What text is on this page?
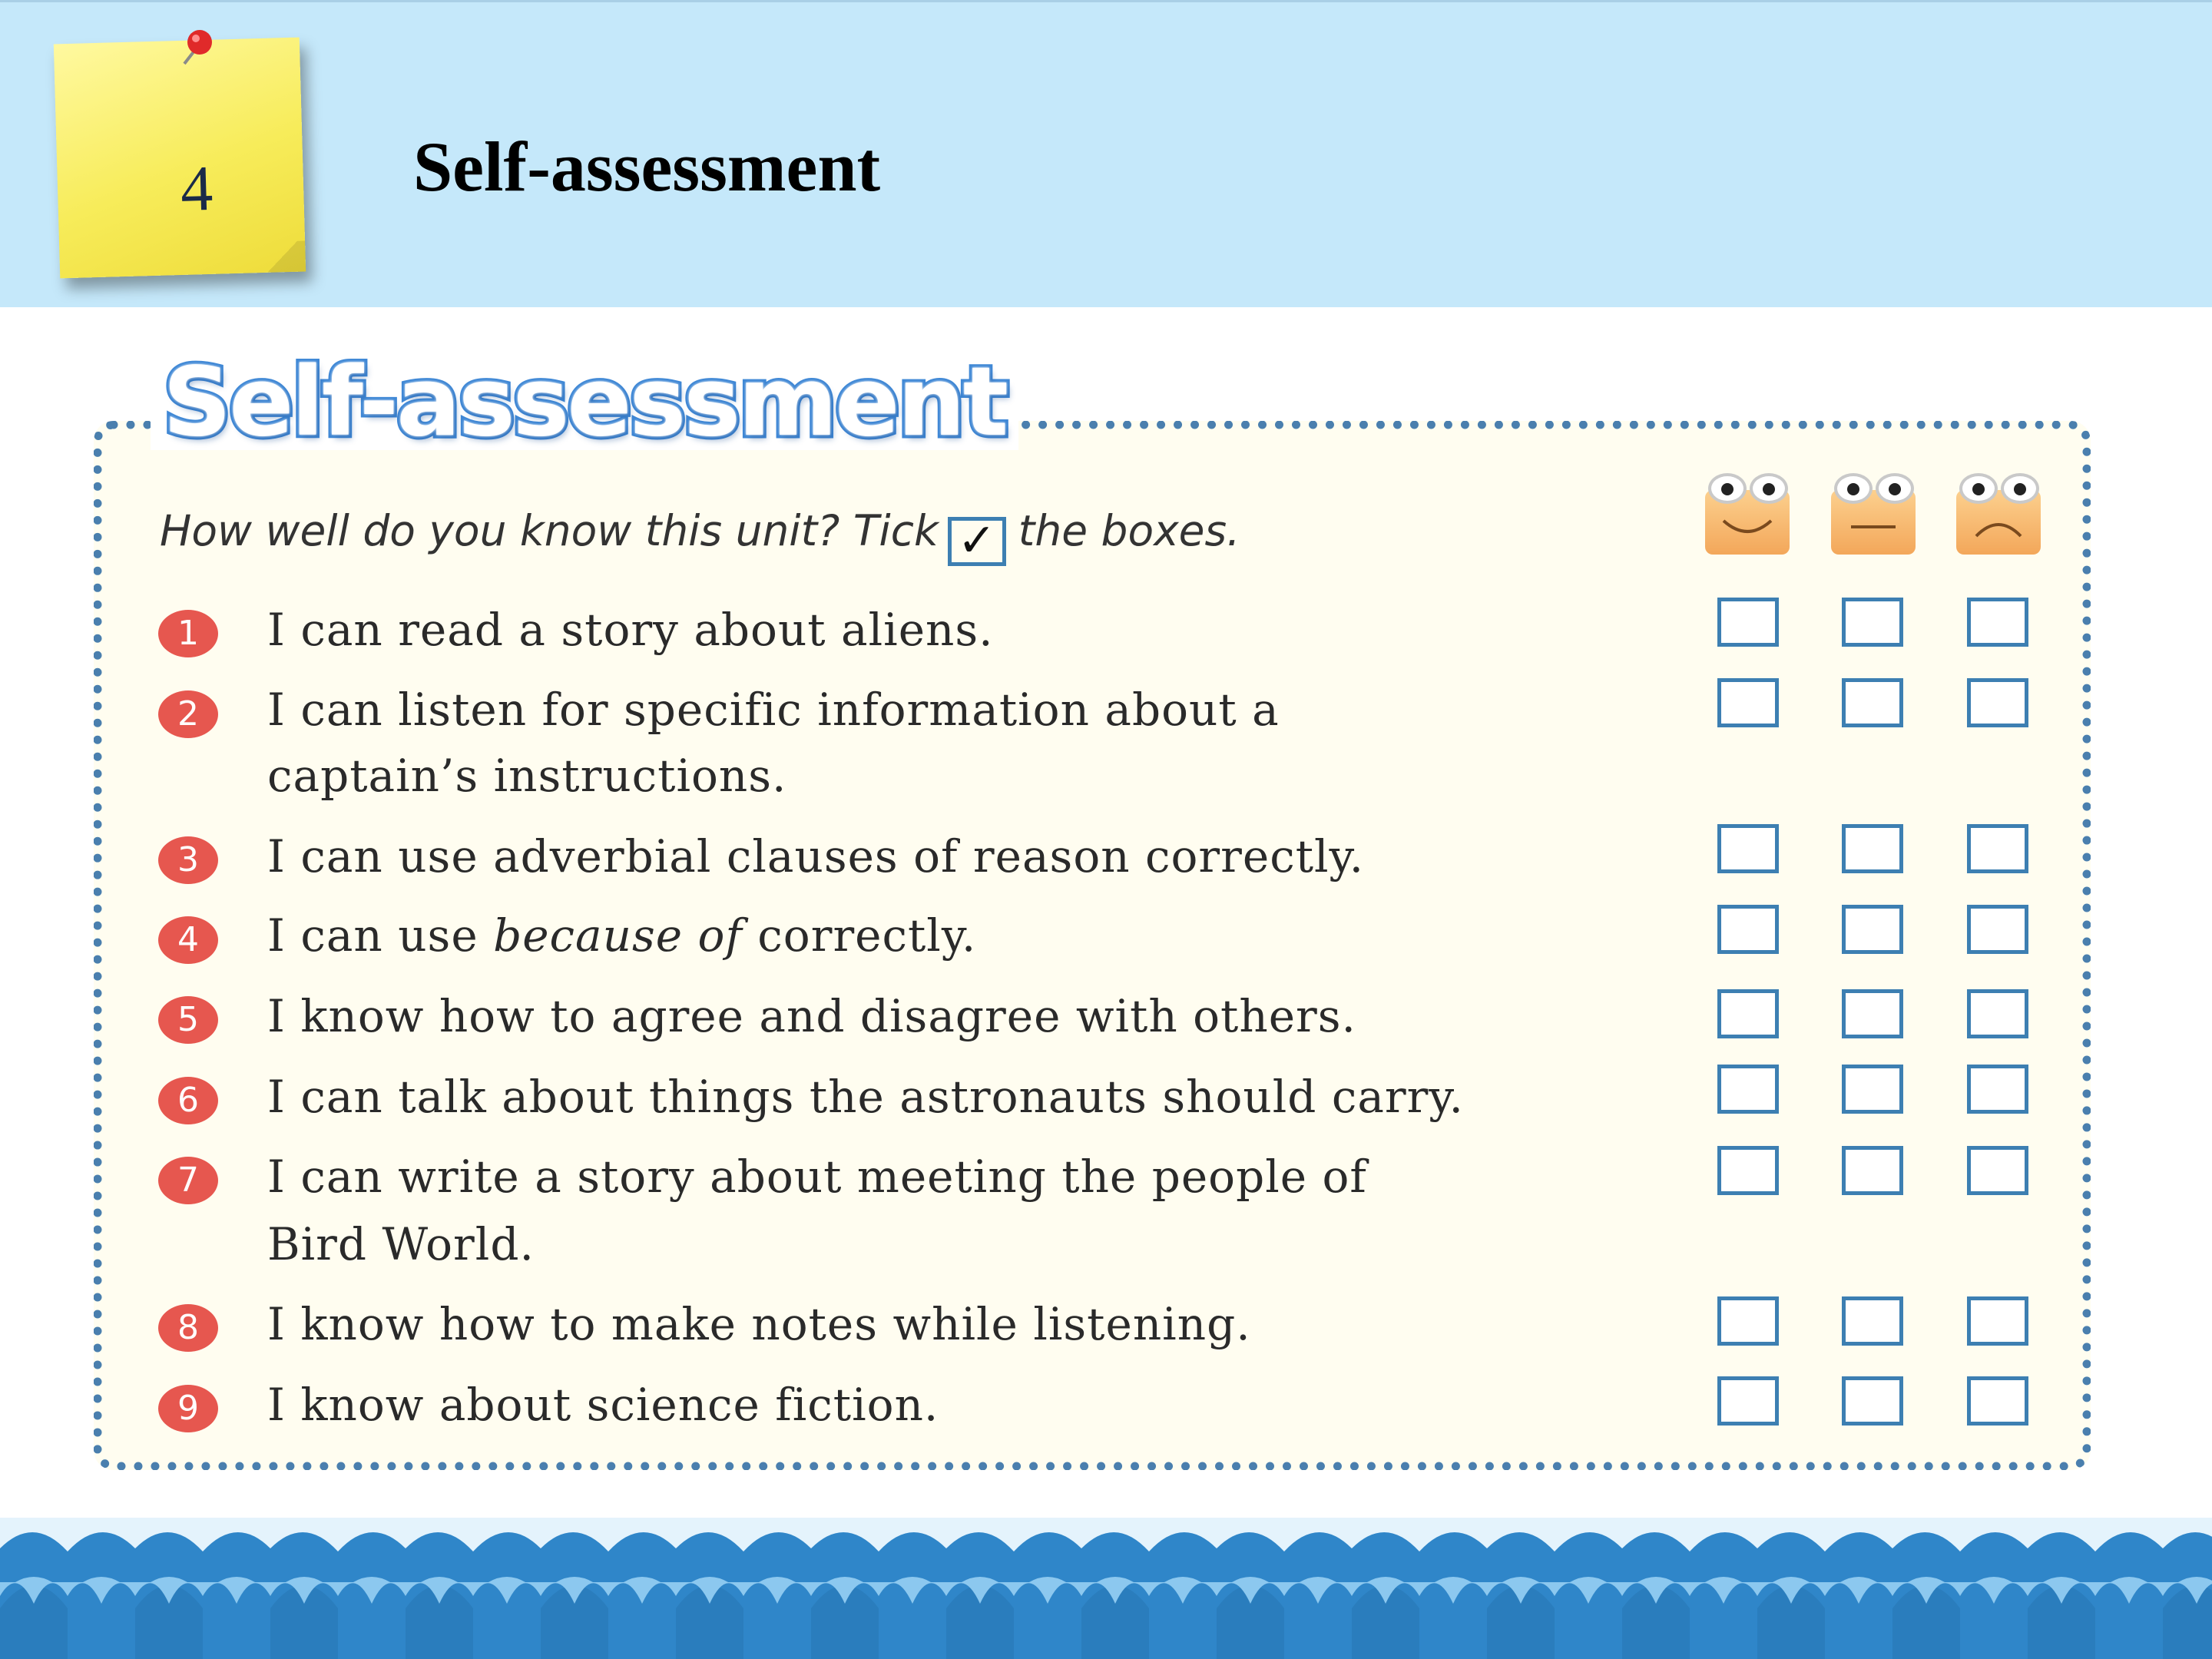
4	Self-assessment
Self-assessment
How well do you know this unit? Tick ✓ the boxes.
1	I can read a story about aliens.
2	I can listen for specific information about a
captain’s instructions.
3	I can use adverbial clauses of reason correctly.
4	I can use because of correctly.
5	I know how to agree and disagree with others.
6	I can talk about things the astronauts should carry.
7	I can write a story about meeting the people of
Bird World.
8	I know how to make notes while listening.
9	I know about science fiction.
